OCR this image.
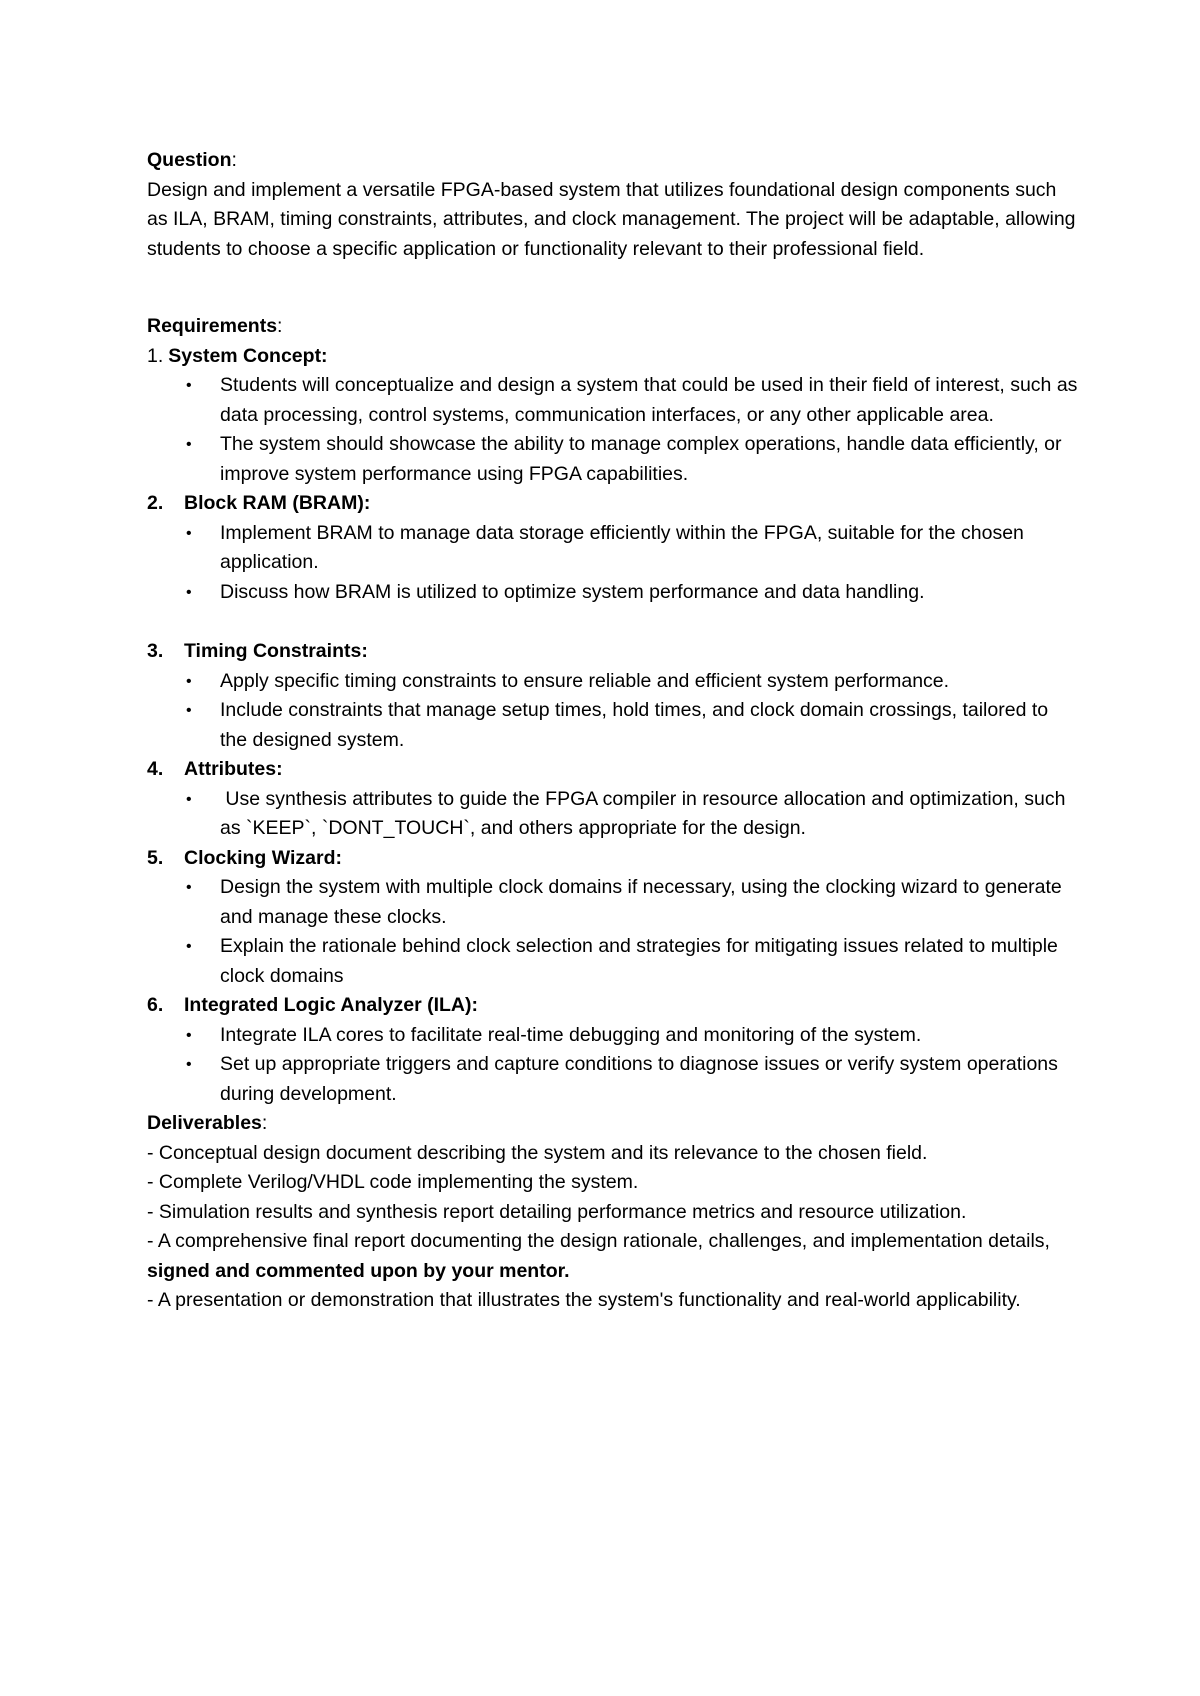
Question:

Design and implement a versatile FPGA-based system that utilizes foundational design components such as ILA, BRAM, timing constraints, attributes, and clock management. The project will be adaptable, allowing students to choose a specific application or functionality relevant to their professional field.

Requirements:

1. System Concept:
• Students will conceptualize and design a system that could be used in their field of interest, such as data processing, control systems, communication interfaces, or any other applicable area.
• The system should showcase the ability to manage complex operations, handle data efficiently, or improve system performance using FPGA capabilities.
2.	Block RAM (BRAM):
• Implement BRAM to manage data storage efficiently within the FPGA, suitable for the chosen application.
• Discuss how BRAM is utilized to optimize system performance and data handling.
3.	Timing Constraints:
• Apply specific timing constraints to ensure reliable and efficient system performance.
• Include constraints that manage setup times, hold times, and clock domain crossings, tailored to the designed system.
4.	Attributes:
• Use synthesis attributes to guide the FPGA compiler in resource allocation and optimization, such as `KEEP`, `DONT_TOUCH`, and others appropriate for the design.
5.	Clocking Wizard:
• Design the system with multiple clock domains if necessary, using the clocking wizard to generate and manage these clocks.
• Explain the rationale behind clock selection and strategies for mitigating issues related to multiple clock domains
6.	Integrated Logic Analyzer (ILA):
• Integrate ILA cores to facilitate real-time debugging and monitoring of the system.
• Set up appropriate triggers and capture conditions to diagnose issues or verify system operations during development.

Deliverables:

- Conceptual design document describing the system and its relevance to the chosen field.

- Complete Verilog/VHDL code implementing the system.

- Simulation results and synthesis report detailing performance metrics and resource utilization.

- A comprehensive final report documenting the design rationale, challenges, and implementation details, signed and commented upon by your mentor.

- A presentation or demonstration that illustrates the system's functionality and real-world applicability.
